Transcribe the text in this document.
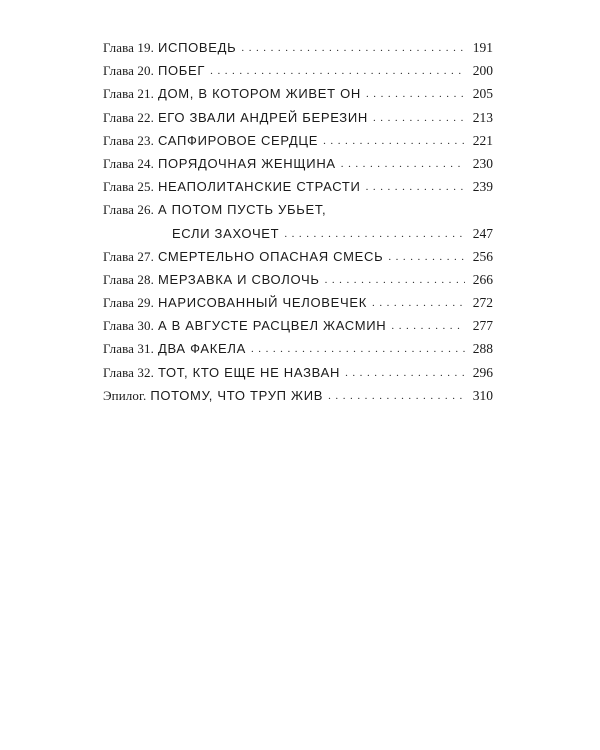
Глава 19. ИСПОВЕДЬ . . .	191
Глава 20. ПОБЕГ . . .	200
Глава 21. ДОМ, В КОТОРОМ ЖИВЕТ ОН . . .	205
Глава 22. ЕГО ЗВАЛИ АНДРЕЙ БЕРЕЗИН . . .	213
Глава 23. САПФИРОВОЕ СЕРДЦЕ . . .	221
Глава 24. ПОРЯДОЧНАЯ ЖЕНЩИНА . . .	230
Глава 25. НЕАПОЛИТАНСКИЕ СТРАСТИ . . .	239
Глава 26. А ПОТОМ ПУСТЬ УБЬЕТ,
ЕСЛИ ЗАХОЧЕТ . . .	247
Глава 27. СМЕРТЕЛЬНО ОПАСНАЯ СМЕСЬ . . .	256
Глава 28. МЕРЗАВКА И СВОЛОЧЬ . . .	266
Глава 29. НАРИСОВАННЫЙ ЧЕЛОВЕЧЕК . . .	272
Глава 30. А В АВГУСТЕ РАСЦВЕЛ ЖАСМИН . . .	277
Глава 31. ДВА ФАКЕЛА . . .	288
Глава 32. ТОТ, КТО ЕЩЕ НЕ НАЗВАН . . .	296
Эпилог. ПОТОМУ, ЧТО ТРУП ЖИВ . . .	310
